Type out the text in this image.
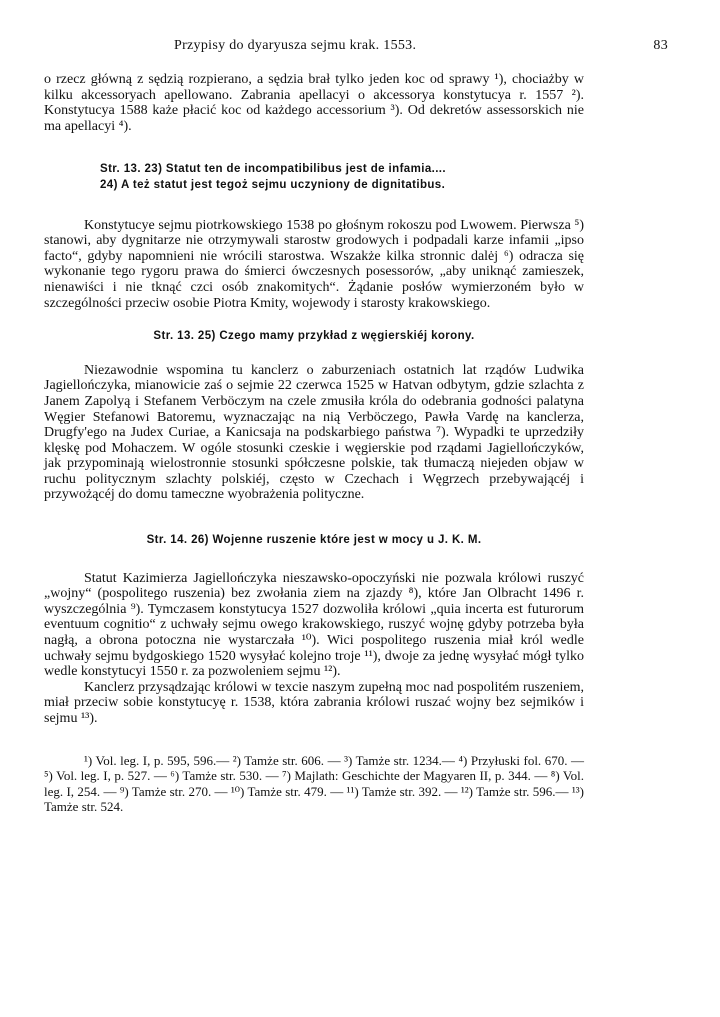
Przypisy do dyaryusza sejmu krak. 1553.	83

o rzecz główną z sędzią rozpierano, a sędzia brał tylko jeden koc od sprawy ¹), chociażby w kilku akcessoryach apellowano. Zabrania apellacyi o akcessorya konstytucya r. 1557 ²). Konstytucya 1588 każe płacić koc od każdego accessorium ³). Od dekretów assessorskich nie ma apellacyi ⁴).

Str. 13. 23) Statut ten de incompatibilibus jest de infamia....

24) A też statut jest tegoż sejmu uczyniony de dignitatibus.

Konstytucye sejmu piotrkowskiego 1538 po głośnym rokoszu pod Lwowem. Pierwsza ⁵) stanowi, aby dygnitarze nie otrzymywali starostw grodowych i podpadali karze infamii „ipso facto“, gdyby napomnieni nie wrócili starostwa. Wszakże kilka stronnic dalėj ⁶) odracza się wykonanie tego rygoru prawa do śmierci ówczesnych posessorów, „aby uniknąć zamieszek, nienawiści i nie tknąć czci osób znakomitych“. Żądanie posłów wymierzoném było w szczególności przeciw osobie Piotra Kmity, wojewody i starosty krakowskiego.

Str. 13. 25) Czego mamy przykład z węgierskiéj korony.

Niezawodnie wspomina tu kanclerz o zaburzeniach ostatnich lat rządów Ludwika Jagiellończyka, mianowicie zaś o sejmie 22 czerwca 1525 w Hatvan odbytym, gdzie szlachta z Janem Zapolyą i Stefanem Verböczym na czele zmusiła króla do odebrania godności palatyna Węgier Stefanowi Batoremu, wyznaczając na nią Verböczego, Pawła Vardę na kanclerza, Drugfy'ego na Judex Curiae, a Kanicsaja na podskarbiego państwa ⁷). Wypadki te uprzedziły klęskę pod Mohaczem. W ogóle stosunki czeskie i węgierskie pod rządami Jagiellończyków, jak przypominają wielostronnie stosunki spółczesne polskie, tak tłumaczą niejeden objaw w ruchu politycznym szlachty polskiéj, często w Czechach i Węgrzech przebywającéj i przywożącéj do domu tameczne wyobrażenia polityczne.

Str. 14. 26) Wojenne ruszenie które jest w mocy u J. K. M.

Statut Kazimierza Jagiellończyka nieszawsko-opoczyński nie pozwala królowi ruszyć „wojny“ (pospolitego ruszenia) bez zwołania ziem na zjazdy ⁸), które Jan Olbracht 1496 r. wyszczególnia ⁹). Tymczasem konstytucya 1527 dozwoliła królowi „quia incerta est futurorum eventuum cognitio“ z uchwały sejmu owego krakowskiego, ruszyć wojnę gdyby potrzeba była nagłą, a obrona potoczna nie wystarczała ¹⁰). Wici pospolitego ruszenia miał król wedle uchwały sejmu bydgoskiego 1520 wysyłać kolejno troje ¹¹), dwoje za jednę wysyłać mógł tylko wedle konstytucyi 1550 r. za pozwoleniem sejmu ¹²).

Kanclerz przysądzając królowi w texcie naszym zupełną moc nad pospolitém ruszeniem, miał przeciw sobie konstytucyę r. 1538, która zabrania królowi ruszać wojny bez sejmików i sejmu ¹³).

¹) Vol. leg. I, p. 595, 596.— ²) Tamże str. 606. — ³) Tamże str. 1234.— ⁴) Przyłuski fol. 670. — ⁵) Vol. leg. I, p. 527. — ⁶) Tamże str. 530. — ⁷) Majlath: Geschichte der Magyaren II, p. 344. — ⁸) Vol. leg. I, 254. — ⁹) Tamże str. 270. — ¹⁰) Tamże str. 479. — ¹¹) Tamże str. 392. — ¹²) Tamże str. 596.— ¹³) Tamże str. 524.
